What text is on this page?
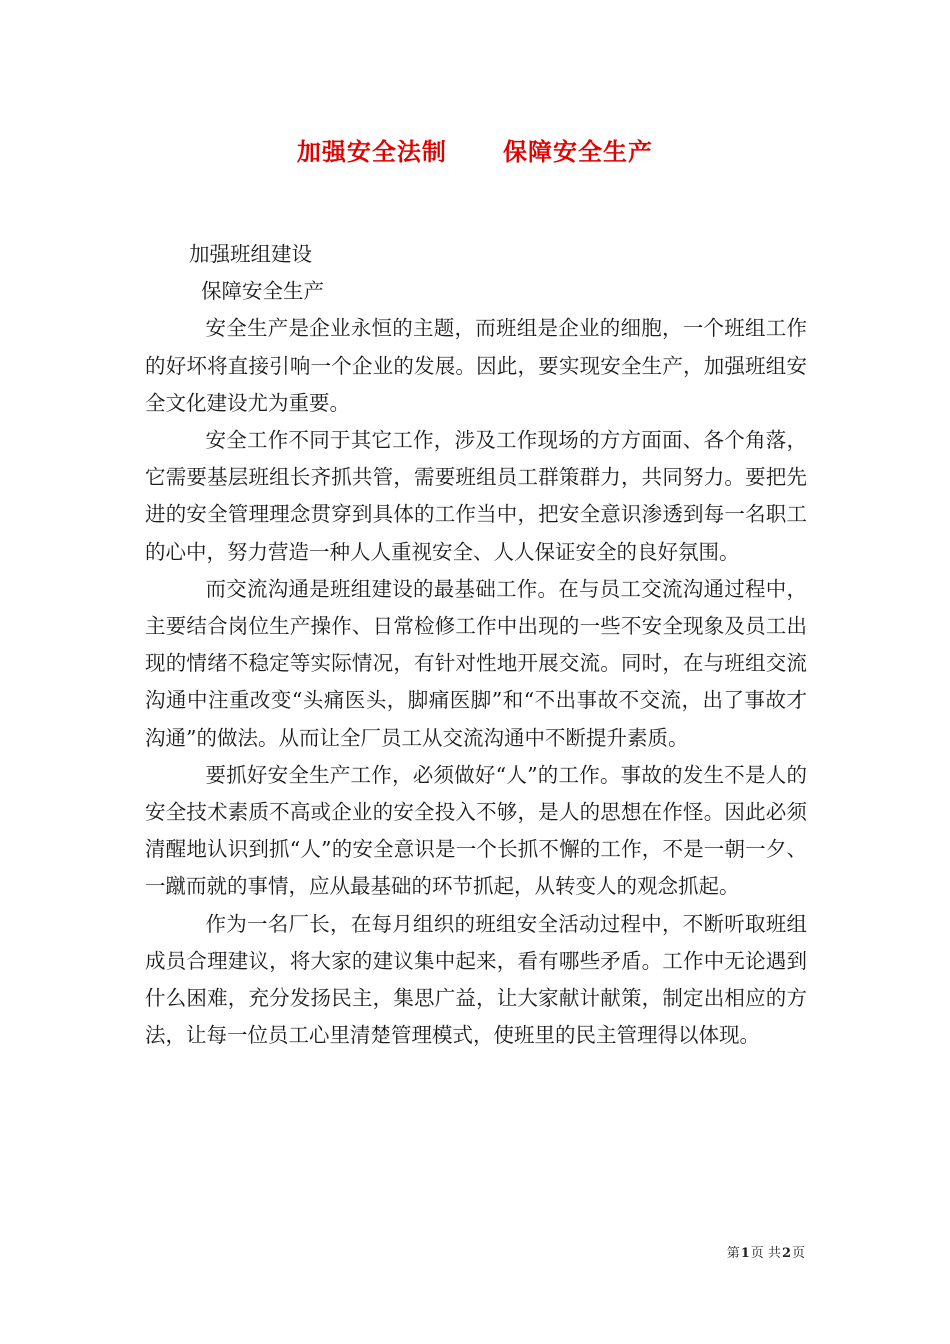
加强安全法制      保障安全生产

加强班组建设

保障安全生产

安全生产是企业永恒的主题，而班组是企业的细胞，一个班组工作的好坏将直接引响一个企业的发展。因此，要实现安全生产，加强班组安全文化建设尤为重要。

安全工作不同于其它工作，涉及工作现场的方方面面、各个角落，它需要基层班组长齐抓共管，需要班组员工群策群力，共同努力。要把先进的安全管理理念贯穿到具体的工作当中，把安全意识渗透到每一名职工的心中，努力营造一种人人重视安全、人人保证安全的良好氛围。

而交流沟通是班组建设的最基础工作。在与员工交流沟通过程中，主要结合岗位生产操作、日常检修工作中出现的一些不安全现象及员工出现的情绪不稳定等实际情况，有针对性地开展交流。同时，在与班组交流沟通中注重改变“头痛医头，脚痛医脚”和“不出事故不交流，出了事故才沟通”的做法。从而让全厂员工从交流沟通中不断提升素质。

要抓好安全生产工作，必须做好“人”的工作。事故的发生不是人的安全技术素质不高或企业的安全投入不够，是人的思想在作怪。因此必须清醒地认识到抓“人”的安全意识是一个长抓不懈的工作，不是一朝一夕、一蹴而就的事情，应从最基础的环节抓起，从转变人的观念抓起。

作为一名厂长，在每月组织的班组安全活动过程中，不断听取班组成员合理建议，将大家的建议集中起来，看有哪些矛盾。工作中无论遇到什么困难，充分发扬民主，集思广益，让大家献计献策，制定出相应的方法，让每一位员工心里清楚管理模式，使班里的民主管理得以体现。

第1页 共2页
